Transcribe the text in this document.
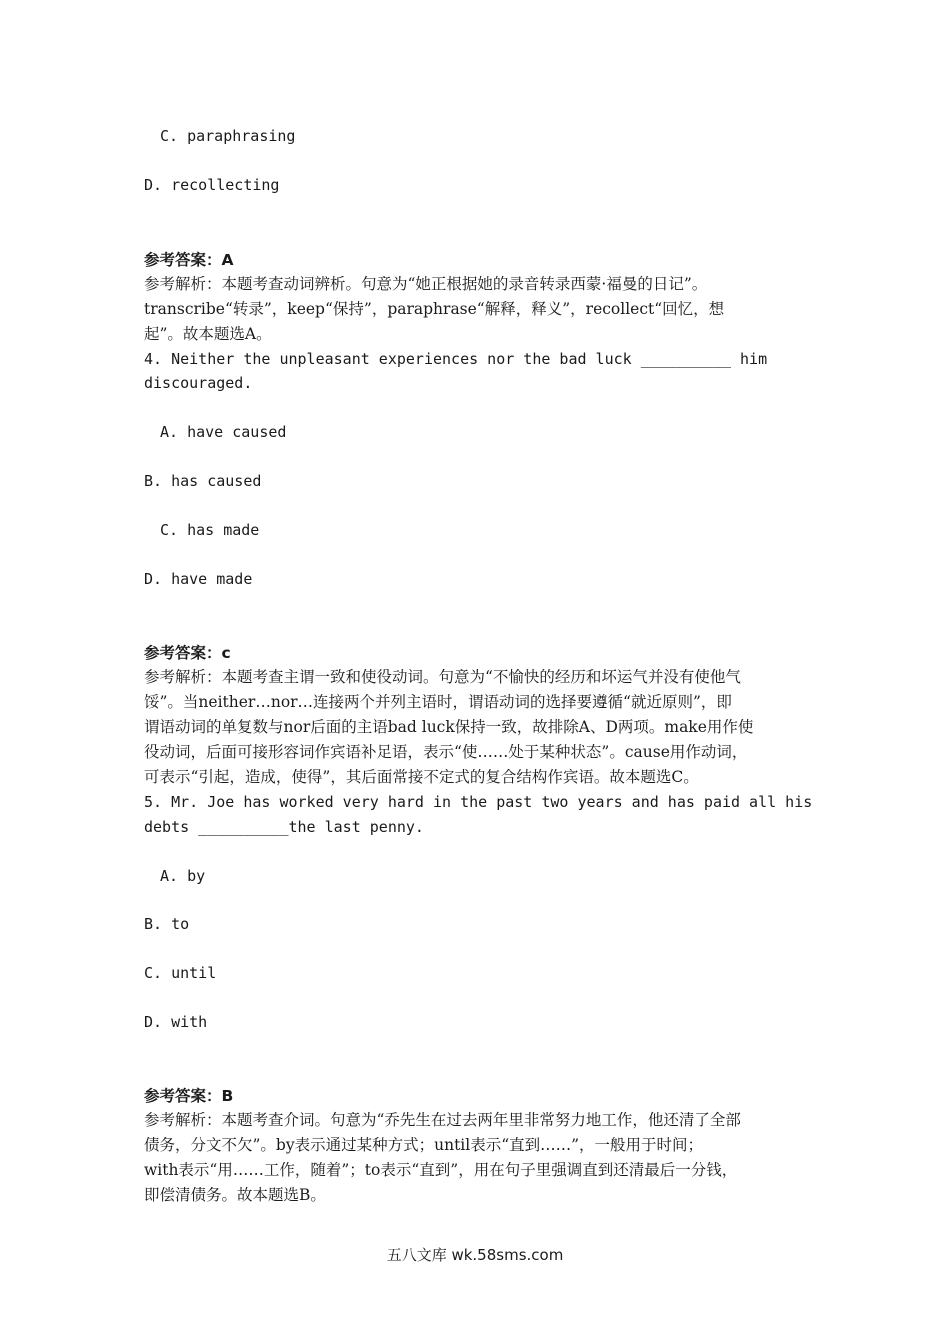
C. paraphrasing
D. recollecting
参考答案：A
参考解析：本题考查动词辨析。句意为“她正根据她的录音转录西蒙·福曼的日记”。
transcribe“转录”，keep“保持”，paraphrase“解释，释义”，recollect“回忆，想
起”。故本题选A。
4. Neither the unpleasant experiences nor the bad luck __________ him
discouraged.
A. have caused
B. has caused
C. has made
D. have made
参考答案：c
参考解析：本题考查主谓一致和使役动词。句意为“不愉快的经历和坏运气并没有使他气
馁”。当neither…nor…连接两个并列主语时，谓语动词的选择要遵循“就近原则”，即
谓语动词的单复数与nor后面的主语bad luck保持一致，故排除A、D两项。make用作使
役动词，后面可接形容词作宾语补足语，表示“使……处于某种状态”。cause用作动词，
可表示“引起，造成，使得”，其后面常接不定式的复合结构作宾语。故本题选C。
5. Mr. Joe has worked very hard in the past two years and has paid all his
debts __________the last penny.
A. by
B. to
C. until
D. with
参考答案：B
参考解析：本题考查介词。句意为“乔先生在过去两年里非常努力地工作，他还清了全部
债务，分文不欠”。by表示通过某种方式；until表示“直到……”，一般用于时间；
with表示“用……工作，随着”；to表示“直到”，用在句子里强调直到还清最后一分钱，
即偿清债务。故本题选B。
五八文库 wk.58sms.com
